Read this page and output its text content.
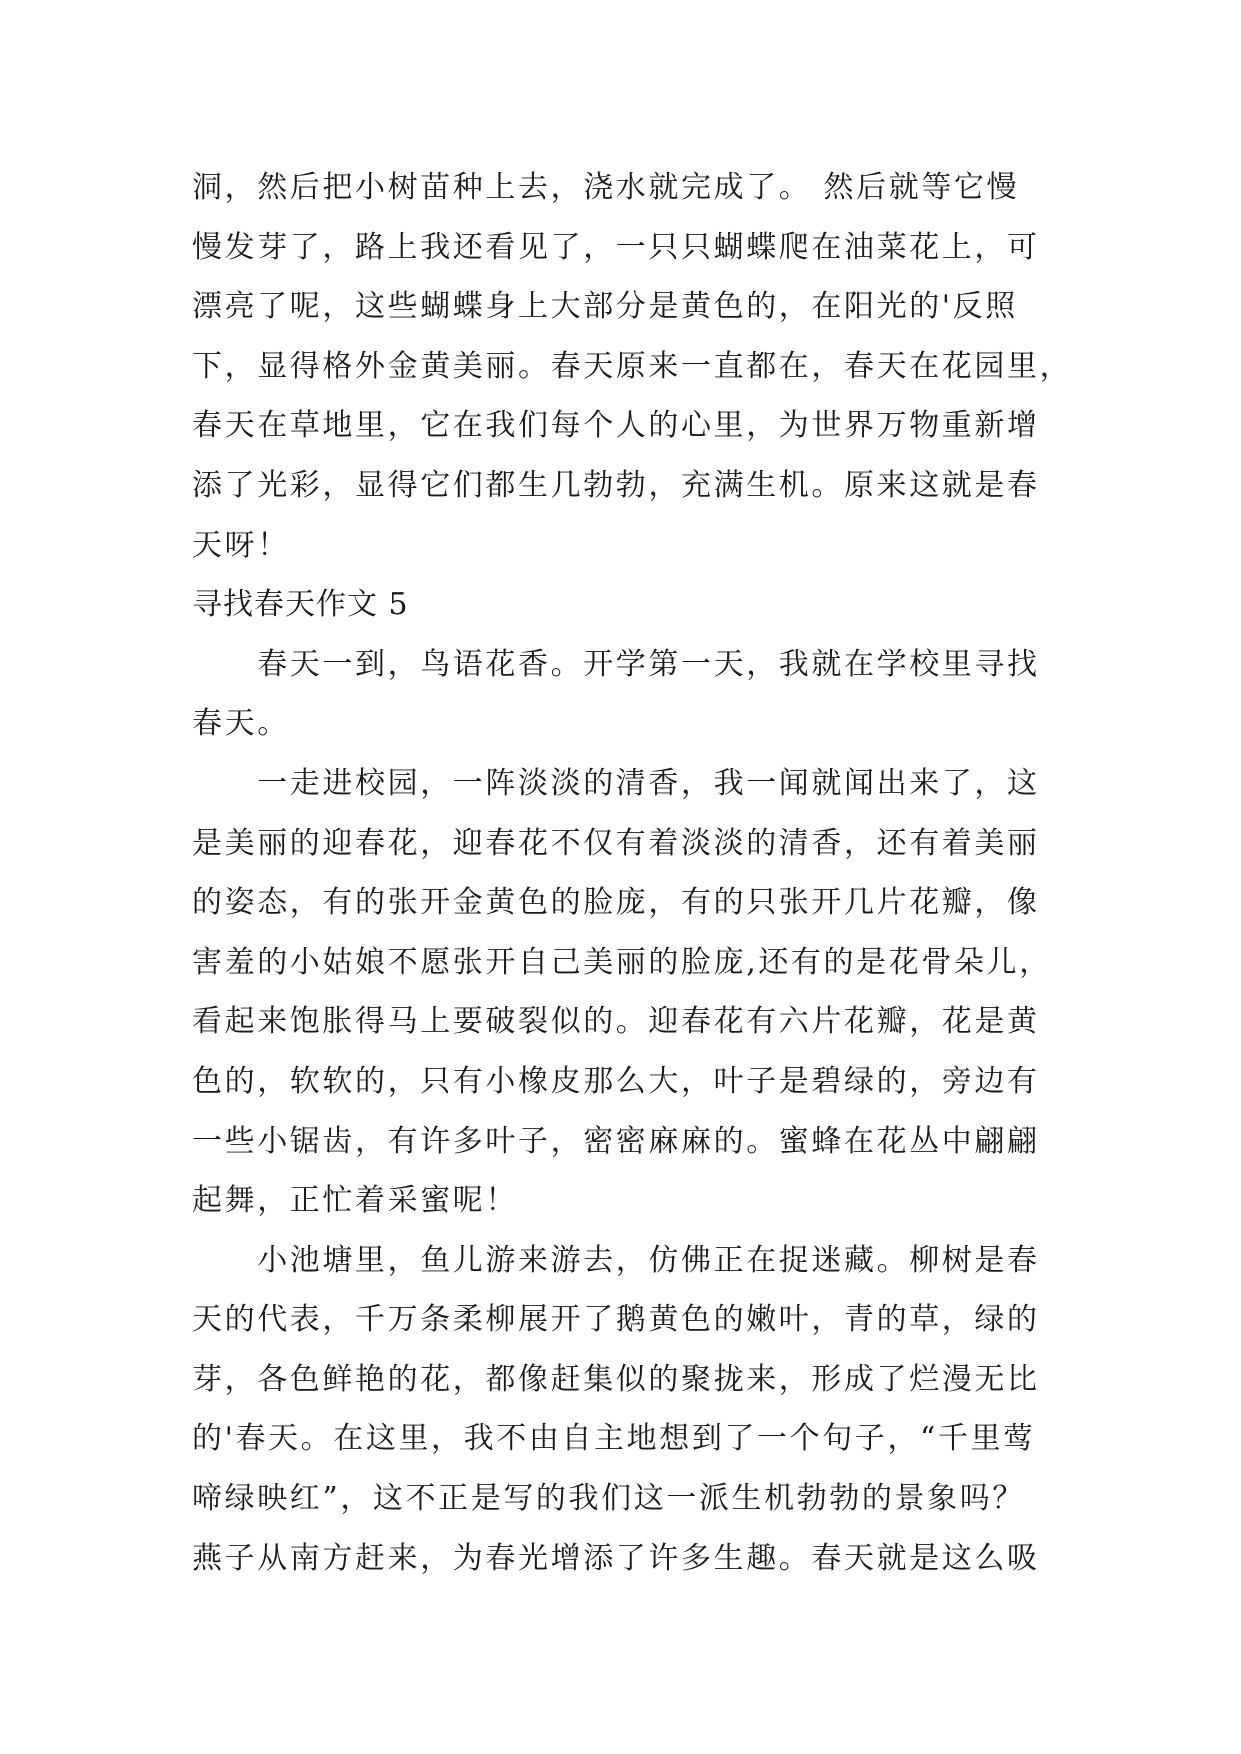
洞，然后把小树苗种上去，浇水就完成了。 然后就等它慢
慢发芽了，路上我还看见了，一只只蝴蝶爬在油菜花上，可
漂亮了呢，这些蝴蝶身上大部分是黄色的，在阳光的'反照
下，显得格外金黄美丽。春天原来一直都在，春天在花园里，
春天在草地里，它在我们每个人的心里，为世界万物重新增
添了光彩，显得它们都生几勃勃，充满生机。原来这就是春
天呀！
寻找春天作文 5
　　春天一到，鸟语花香。开学第一天，我就在学校里寻找
春天。
　　一走进校园，一阵淡淡的清香，我一闻就闻出来了，这
是美丽的迎春花，迎春花不仅有着淡淡的清香，还有着美丽
的姿态，有的张开金黄色的脸庞，有的只张开几片花瓣，像
害羞的小姑娘不愿张开自己美丽的脸庞,还有的是花骨朵儿，
看起来饱胀得马上要破裂似的。迎春花有六片花瓣，花是黄
色的，软软的，只有小橡皮那么大，叶子是碧绿的，旁边有
一些小锯齿，有许多叶子，密密麻麻的。蜜蜂在花丛中翩翩
起舞，正忙着采蜜呢！
　　小池塘里，鱼儿游来游去，仿佛正在捉迷藏。柳树是春
天的代表，千万条柔柳展开了鹅黄色的嫩叶，青的草，绿的
芽，各色鲜艳的花，都像赶集似的聚拢来，形成了烂漫无比
的'春天。在这里，我不由自主地想到了一个句子，“千里莺
啼绿映红”，这不正是写的我们这一派生机勃勃的景象吗？
燕子从南方赶来，为春光增添了许多生趣。春天就是这么吸
